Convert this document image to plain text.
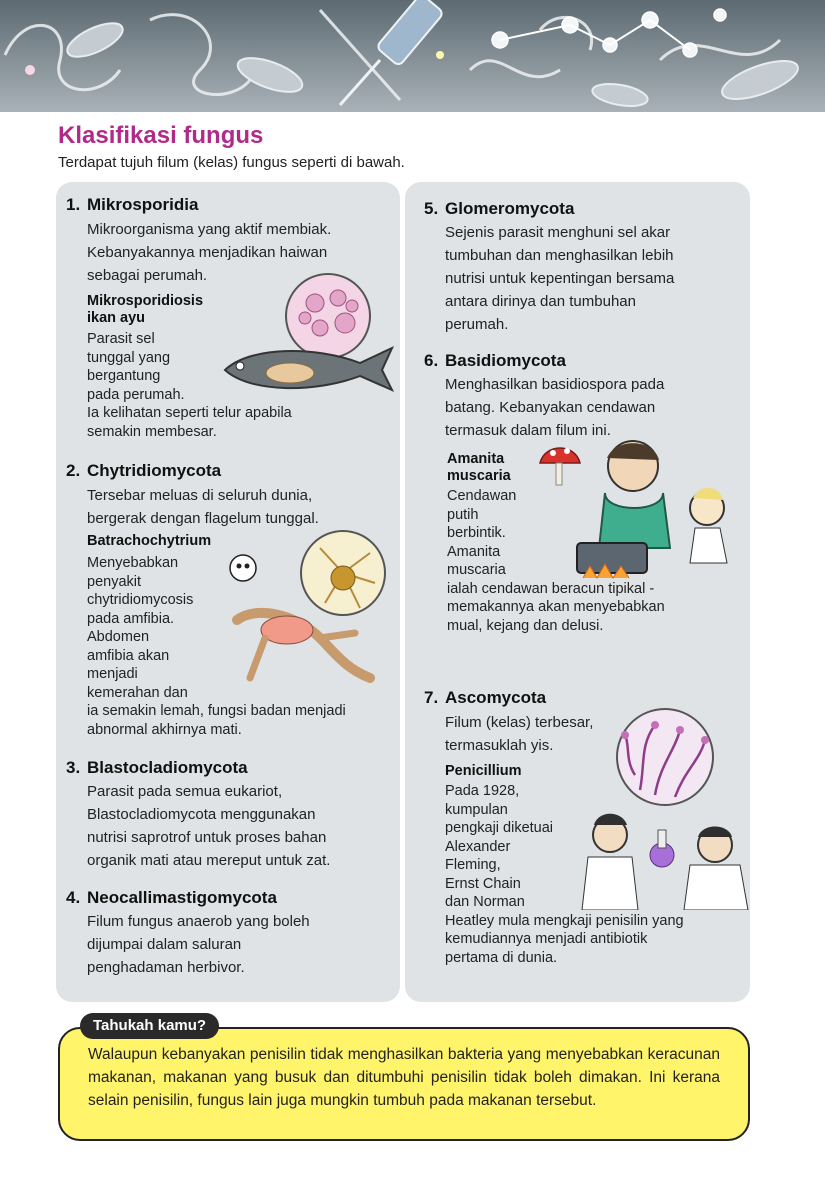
Klasifikasi fungus
Terdapat tujuh filum (kelas) fungus seperti di bawah.
1. Mikrosporidia
Mikroorganisma yang aktif membiak.
Kebanyakannya menjadikan haiwan
sebagai perumah.
Mikrosporidiosis
ikan ayu
Parasit sel
tunggal yang
bergantung
pada perumah.
Ia kelihatan seperti telur apabila
semakin membesar.
2. Chytridiomycota
Tersebar meluas di seluruh dunia,
bergerak dengan flagelum tunggal.
Batrachochytrium
Menyebabkan
penyakit
chytridiomycosis
pada amfibia.
Abdomen
amfibia akan
menjadi
kemerahan dan
ia semakin lemah, fungsi badan menjadi
abnormal akhirnya mati.
3. Blastocladiomycota
Parasit pada semua eukariot,
Blastocladiomycota menggunakan
nutrisi saprotrof untuk proses bahan
organik mati atau mereput untuk zat.
4. Neocallimastigomycota
Filum fungus anaerob yang boleh
dijumpai dalam saluran
penghadaman herbivor.
5. Glomeromycota
Sejenis parasit menghuni sel akar
tumbuhan dan menghasilkan lebih
nutrisi untuk kepentingan bersama
antara dirinya dan tumbuhan
perumah.
6. Basidiomycota
Menghasilkan basidiospora pada
batang. Kebanyakan cendawan
termasuk dalam filum ini.
Amanita
muscaria
Cendawan
putih
berbintik.
Amanita
muscaria
ialah cendawan beracun tipikal -
memakannya akan menyebabkan
mual, kejang dan delusi.
7. Ascomycota
Filum (kelas) terbesar,
termasuklah yis.
Penicillium
Pada 1928,
kumpulan
pengkaji diketuai
Alexander
Fleming,
Ernst Chain
dan Norman
Heatley mula mengkaji penisilin yang
kemudiannya menjadi antibiotik
pertama di dunia.
Tahukah kamu?
Walaupun kebanyakan penisilin tidak menghasilkan bakteria yang menyebabkan keracunan makanan, makanan yang busuk dan ditumbuhi penisilin tidak boleh dimakan. Ini kerana selain penisilin, fungus lain juga mungkin tumbuh pada makanan tersebut.
